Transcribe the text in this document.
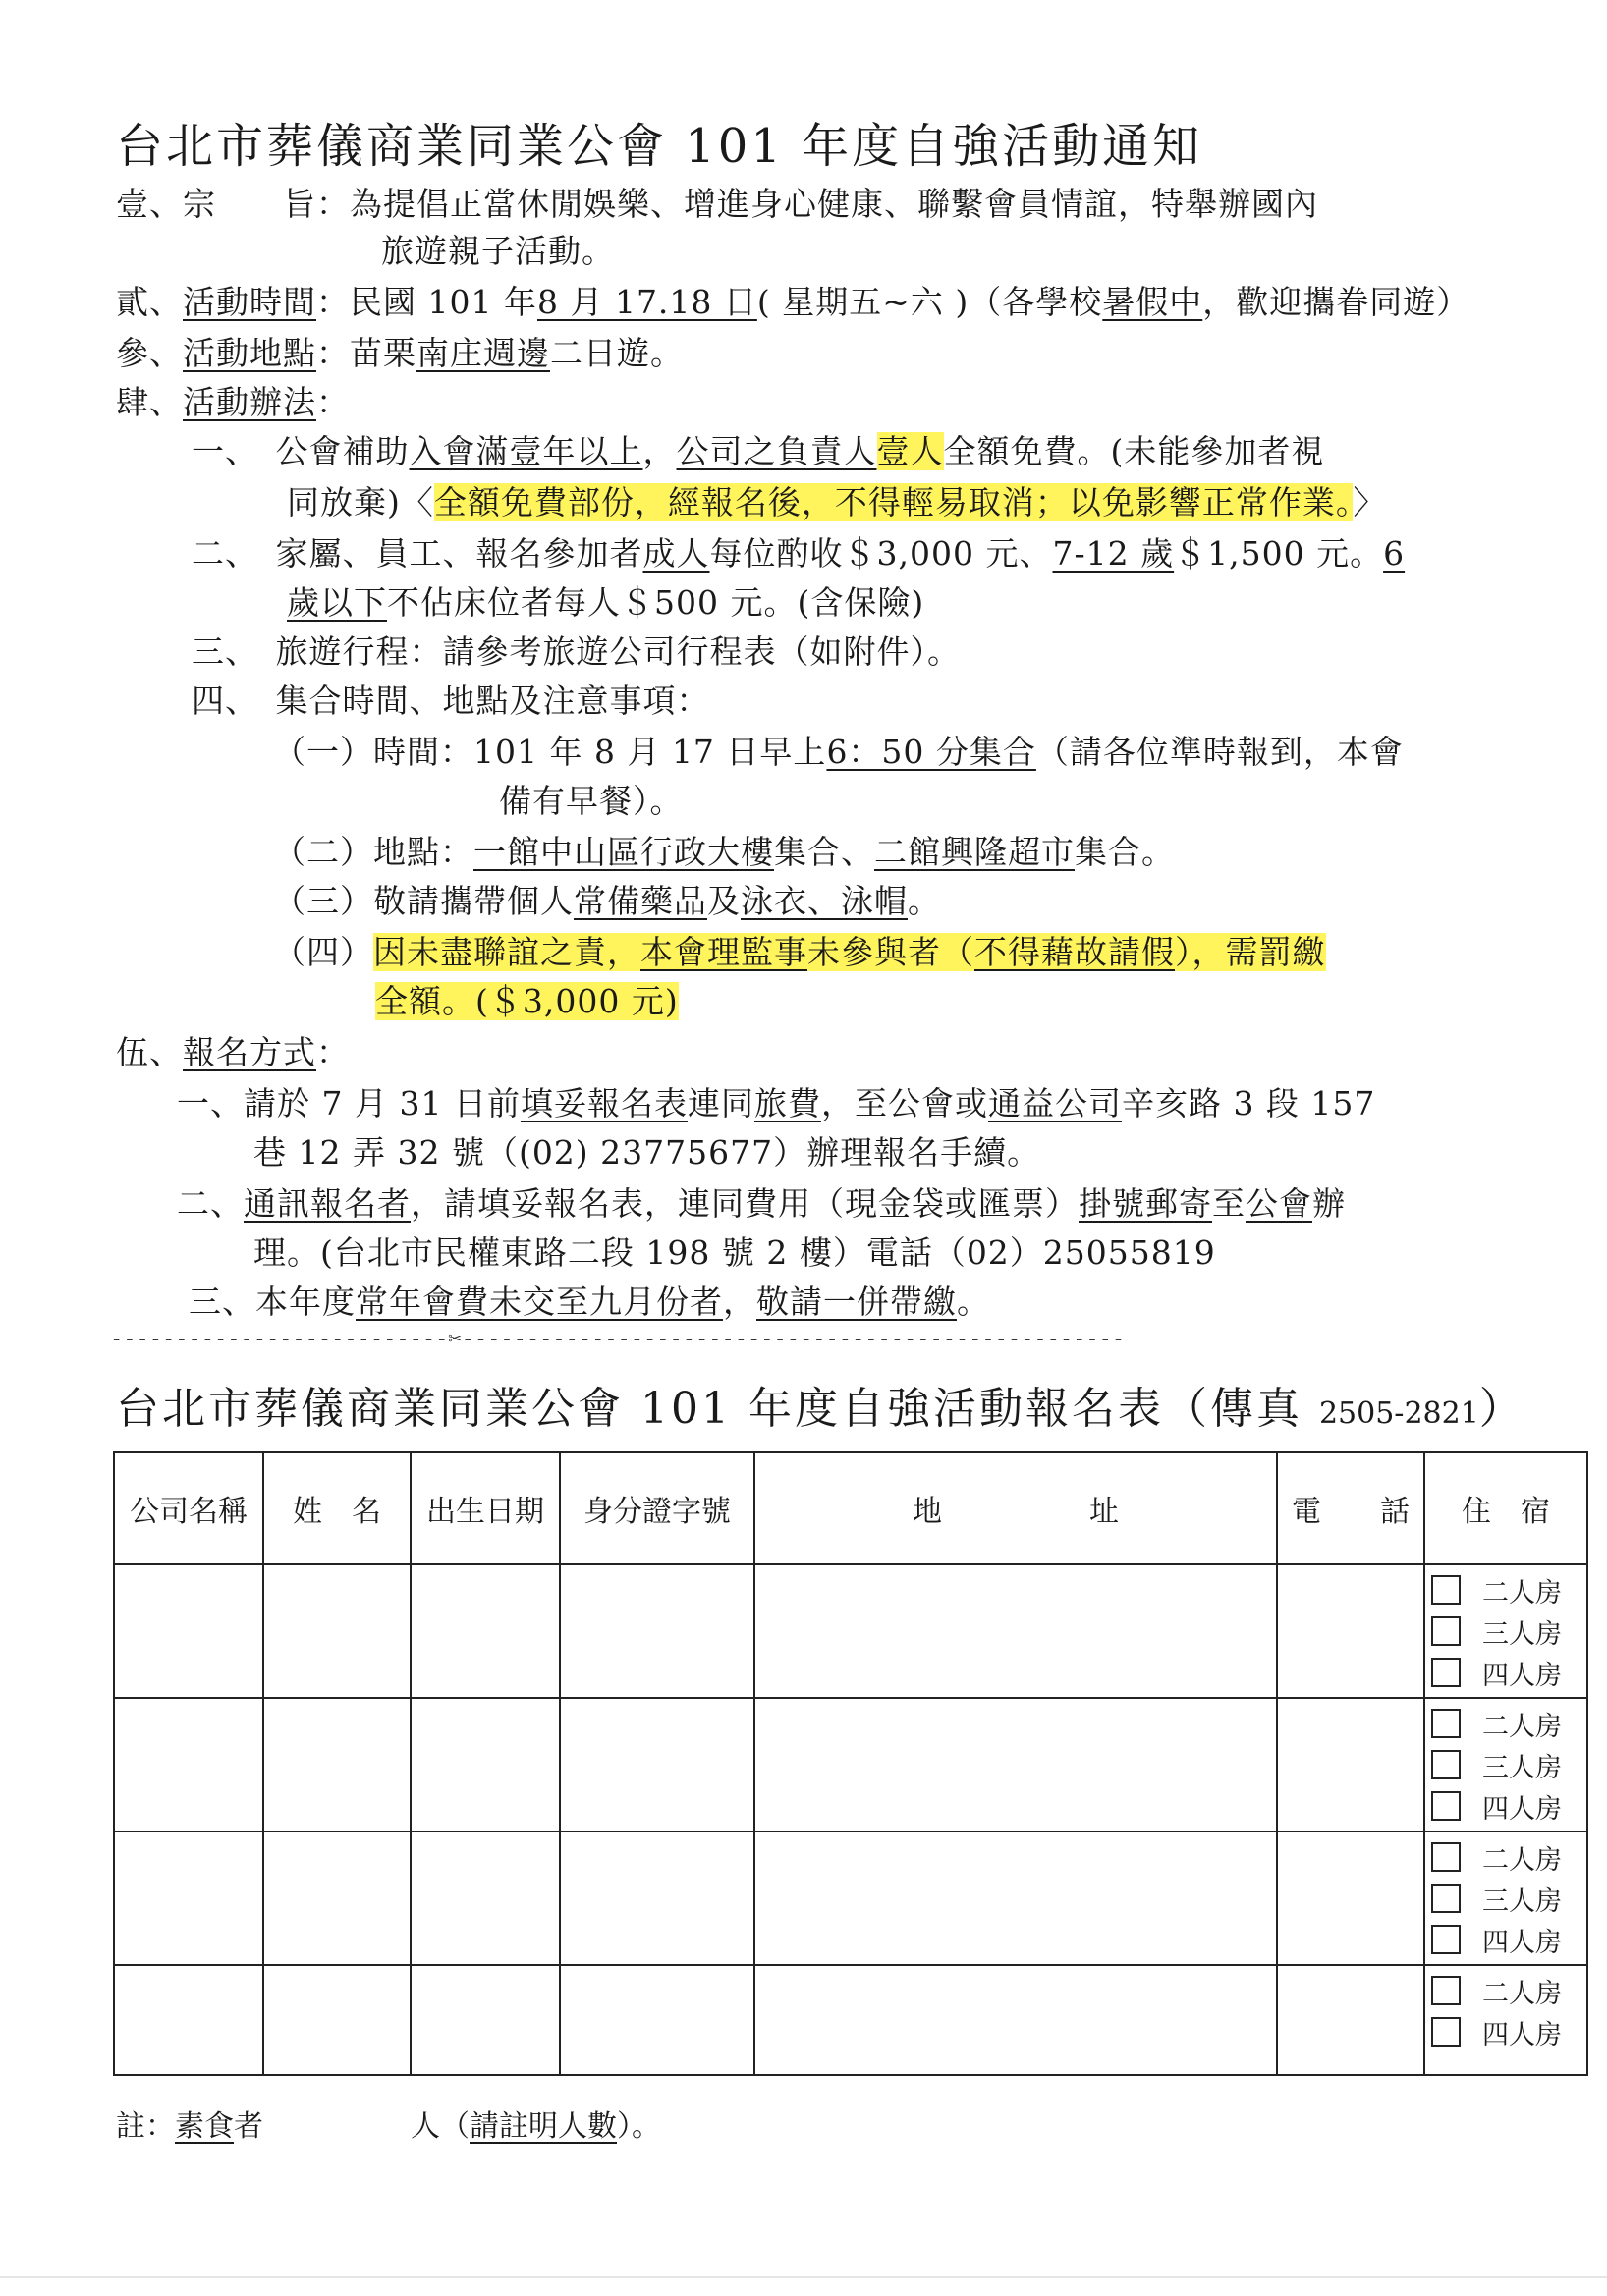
台北市葬儀商業同業公會 101 年度自強活動通知
壹、宗　　旨：為提倡正當休閒娛樂、增進身心健康、聯繫會員情誼，特舉辦國內
旅遊親子活動。
貳、活動時間：民國 101 年8 月 17.18 日( 星期五~六 )（各學校暑假中，歡迎攜眷同遊）
參、活動地點：苗栗南庄週邊二日遊。
肆、活動辦法：
一、　公會補助入會滿壹年以上，公司之負責人壹人全額免費。(未能參加者視
同放棄)〈全額免費部份，經報名後，不得輕易取消；以免影響正常作業。〉
二、　家屬、員工、報名參加者成人每位酌收＄3,000 元、7-12 歲＄1,500 元。6
歲以下不佔床位者每人＄500 元。(含保險)
三、　旅遊行程：請參考旅遊公司行程表（如附件）。
四、　集合時間、地點及注意事項：
（一）時間：101 年 8 月 17 日早上6：50 分集合（請各位準時報到，本會
備有早餐）。
（二）地點：一館中山區行政大樓集合、二館興隆超市集合。
（三）敬請攜帶個人常備藥品及泳衣、泳帽。
（四）因未盡聯誼之責，本會理監事未參與者（不得藉故請假），需罰繳
全額。(＄3,000 元)
伍、報名方式：
一、請於 7 月 31 日前填妥報名表連同旅費，至公會或通益公司辛亥路 3 段 157
巷 12 弄 32 號（(02) 23775677）辦理報名手續。
二、通訊報名者，請填妥報名表，連同費用（現金袋或匯票）掛號郵寄至公會辦
理。(台北市民權東路二段 198 號 2 樓）電話（02）25055819
三、本年度常年會費未交至九月份者，敬請一併帶繳。
--------------------------✂---------------------------------------------------
台北市葬儀商業同業公會 101 年度自強活動報名表（傳真 2505-2821）
公司名稱	姓　名	出生日期	身分證字號	地　　　　　址	電　　話	住　宿

						二人房
三人房
四人房

						二人房
三人房
四人房

						二人房
三人房
四人房

						二人房
四人房
註：素食者　　　　　人（請註明人數）。
